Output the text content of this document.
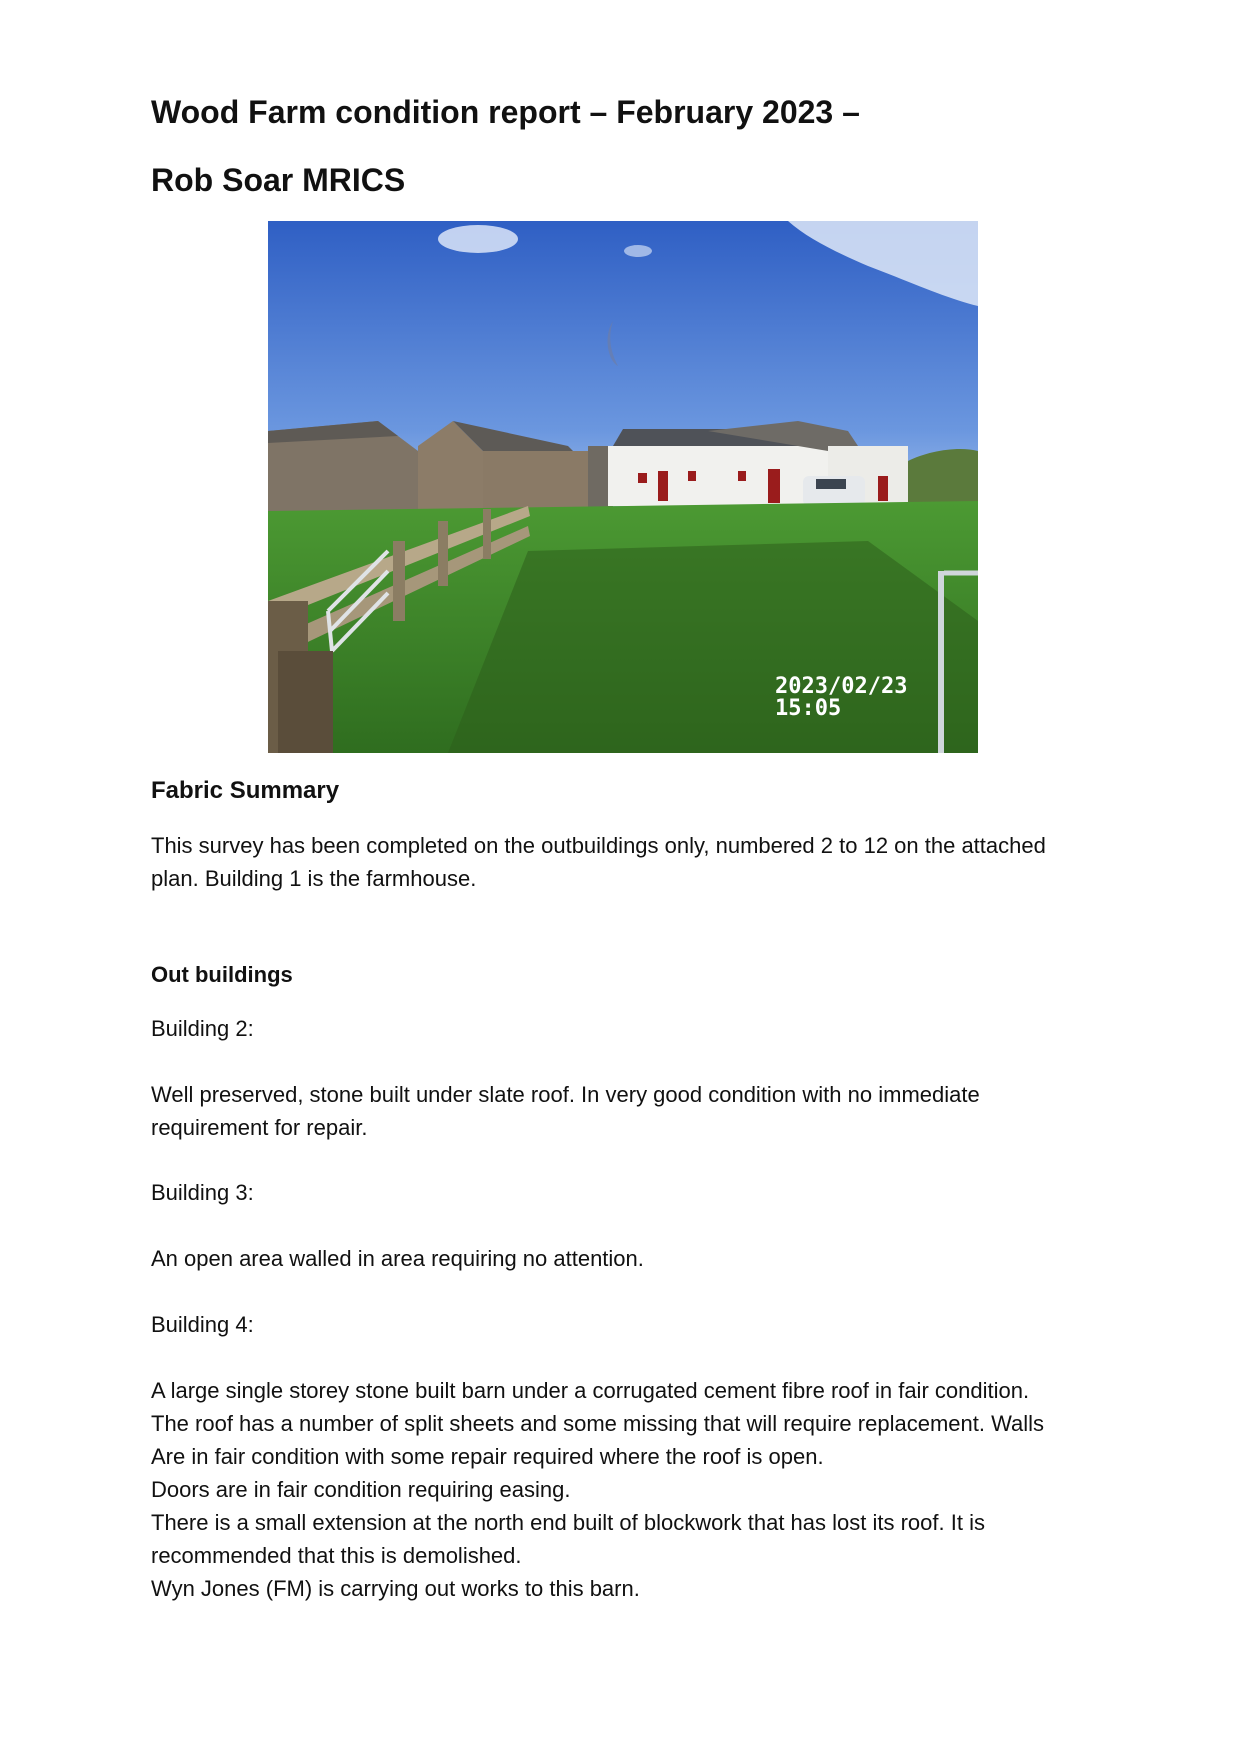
Wood Farm condition report – February 2023 –
Rob Soar MRICS
2023/02/23
15:05
Fabric Summary

This survey has been completed on the outbuildings only, numbered 2 to 12 on the attached
plan. Building 1 is the farmhouse.

Out buildings

Building 2:

Well preserved, stone built under slate roof. In very good condition with no immediate
requirement for repair.

Building 3:

An open area walled in area requiring no attention.

Building 4:

A large single storey stone built barn under a corrugated cement fibre roof in fair condition.
The roof has a number of split sheets and some missing that will require replacement. Walls
Are in fair condition with some repair required where the roof is open.
Doors are in fair condition requiring easing.
There is a small extension at the north end built of blockwork that has lost its roof. It is
recommended that this is demolished.
Wyn Jones (FM) is carrying out works to this barn.
